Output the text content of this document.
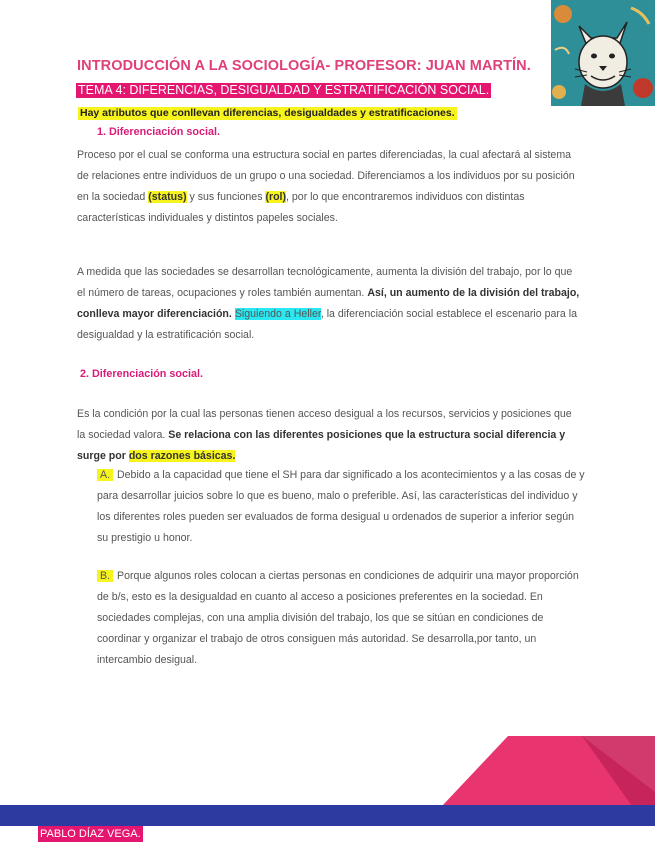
INTRODUCCIÓN A LA SOCIOLOGÍA- PROFESOR: JUAN MARTÍN.
TEMA 4: DIFERENCIAS, DESIGUALDAD Y ESTRATIFICACIÓN SOCIAL.
Hay atributos que conllevan diferencias, desigualdades y estratificaciones.
1. Diferenciación social.

Proceso por el cual se conforma una estructura social en partes diferenciadas, la cual afectará al sistema de relaciones entre individuos de un grupo o una sociedad. Diferenciamos a los individuos por su posición en la sociedad (status) y sus funciones (rol), por lo que encontraremos individuos con distintas características individuales y distintos papeles sociales.

A medida que las sociedades se desarrollan tecnológicamente, aumenta la división del trabajo, por lo que el número de tareas, ocupaciones y roles también aumentan. Así, un aumento de la división del trabajo, conlleva mayor diferenciación. Siguiendo a Heller, la diferenciación social establece el escenario para la desigualdad y la estratificación social.

2. Diferenciación social.

Es la condición por la cual las personas tienen acceso desigual a los recursos, servicios y posiciones que la sociedad valora. Se relaciona con las diferentes posiciones que la estructura social diferencia y surge por dos razones básicas.

A. Debido a la capacidad que tiene el SH para dar significado a los acontecimientos y a las cosas de y para desarrollar juicios sobre lo que es bueno, malo o preferible. Así, las características del individuo y los diferentes roles pueden ser evaluados de forma desigual u ordenados de superior a inferior según su prestigio u honor.
B. Porque algunos roles colocan a ciertas personas en condiciones de adquirir una mayor proporción de b/s, esto es la desigualdad en cuanto al acceso a posiciones preferentes en la sociedad. En sociedades complejas, con una amplia división del trabajo, los que se sitúan en condiciones de coordinar y organizar el trabajo de otros consiguen más autoridad. Se desarrolla,por tanto, un intercambio desigual.
PABLO DÍAZ VEGA.
